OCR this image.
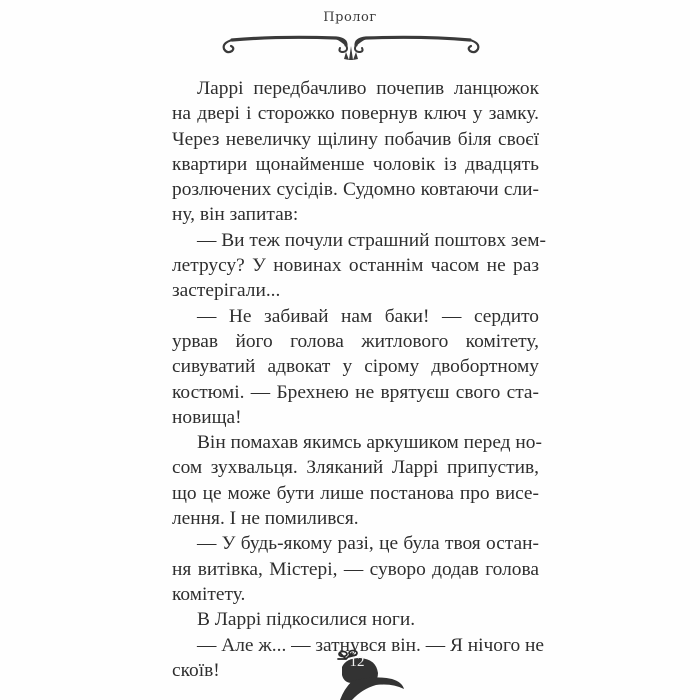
Пролог
Ларрі передбачливо почепив ланцюжок
на двері і сторожко повернув ключ у замку.
Через невеличку щілину побачив біля своєї
квартири щонайменше чоловік із двадцять
розлючених сусідів. Судомно ковтаючи сли-
ну, він запитав:
— Ви теж почули страшний поштовх зем-
летрусу? У новинах останнім часом не раз
застерігали...
— Не забивай нам баки! — сердито
урвав його голова житлового комітету,
сивуватий адвокат у сірому двобортному
костюмі. — Брехнею не врятуєш свого ста-
новища!
Він помахав якимсь аркушиком перед но-
сом зухвальця. Зляканий Ларрі припустив,
що це може бути лише постанова про висе-
лення. І не помилився.
— У будь-якому разі, це була твоя остан-
ня витівка, Містері, — суворо додав голова
комітету.
В Ларрі підкосилися ноги.
— Але ж... — затнувся він. — Я нічого не
скоїв!	12
